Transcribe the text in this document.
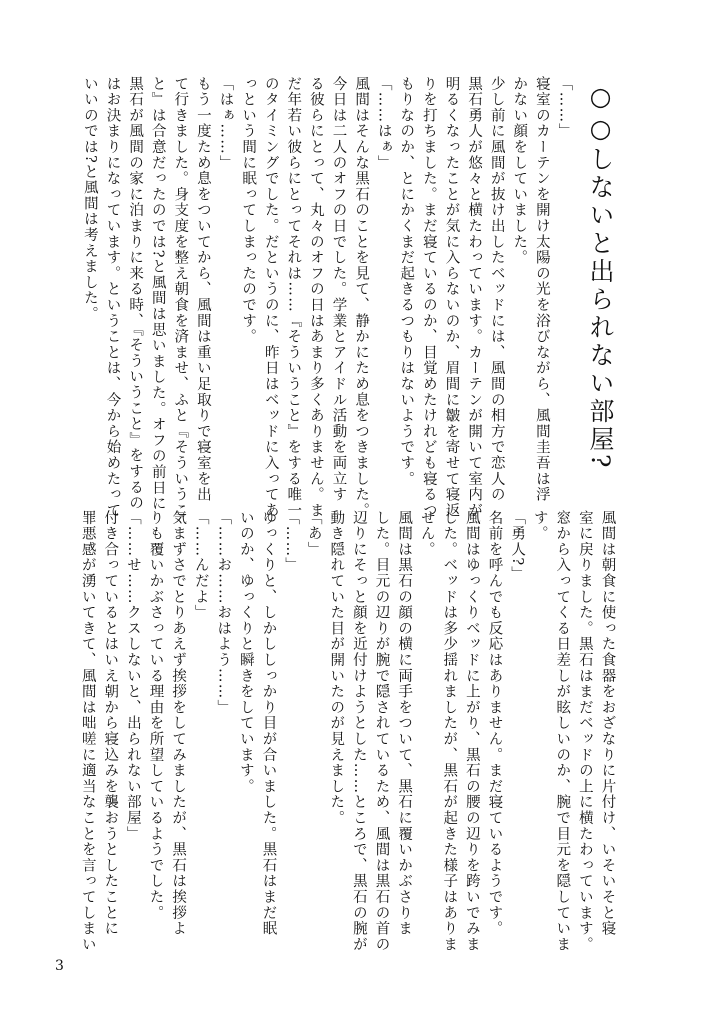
○○しないと出られない部屋?
「……」
寝室のカーテンを開け太陽の光を浴びながら、風間圭吾は浮
かない顔をしていました。
少し前に風間が抜け出したベッドには、風間の相方で恋人の
黒石勇人が悠々と横たわっています。カーテンが開いて室内が
明るくなったことが気に入らないのか、眉間に皺を寄せて寝返
りを打ちました。まだ寝ているのか、目覚めたけれども寝るつ
もりなのか、とにかくまだ起きるつもりはないようです。
「……はぁ」
風間はそんな黒石のことを見て、静かにため息をつきました。
今日は二人のオフの日でした。学業とアイドル活動を両立す
る彼らにとって、丸々のオフの日はあまり多くありません。ま
だ年若い彼らにとってそれは……『そういうこと』をする唯一
のタイミングでした。だというのに、昨日はベッドに入ってあ
っという間に眠ってしまったのです。
「はぁ……」
もう一度ため息をついてから、風間は重い足取りで寝室を出
て行きました。身支度を整え朝食を済ませ、ふと『そういうこ
と』は合意だったのでは?と風間は思いました。オフの前日に
黒石が風間の家に泊まりに来る時、『そういうこと』をするの
はお決まりになっています。ということは、今から始めたって
いいのでは?と風間は考えました。
風間は朝食に使った食器をおざなりに片付け、いそいそと寝
室に戻りました。黒石はまだベッドの上に横たわっています。
窓から入ってくる日差しが眩しいのか、腕で目元を隠していま
す。
「勇人?」
名前を呼んでも反応はありません。まだ寝ているようです。
風間はゆっくりベッドに上がり、黒石の腰の辺りを跨いでみま
した。ベッドは多少揺れましたが、黒石が起きた様子はありま
せん。
風間は黒石の顔の横に両手をついて、黒石に覆いかぶさりま
した。目元の辺りが腕で隠されているため、風間は黒石の首の
辺りにそっと顔を近付けようとした……ところで、黒石の腕が
動き隠れていた目が開いたのが見えました。
「あ」
「……」
ゆっくりと、しかししっかり目が合いました。黒石はまだ眠
いのか、ゆっくりと瞬きをしています。
「……お……おはよう……」
「……んだよ」
気まずさでとりあえず挨拶をしてみましたが、黒石は挨拶よ
りも覆いかぶさっている理由を所望しているようでした。
「……せ……クスしないと、出られない部屋」
付き合っているとはいえ朝から寝込みを襲おうとしたことに
罪悪感が湧いてきて、風間は咄嗟に適当なことを言ってしまい
3
